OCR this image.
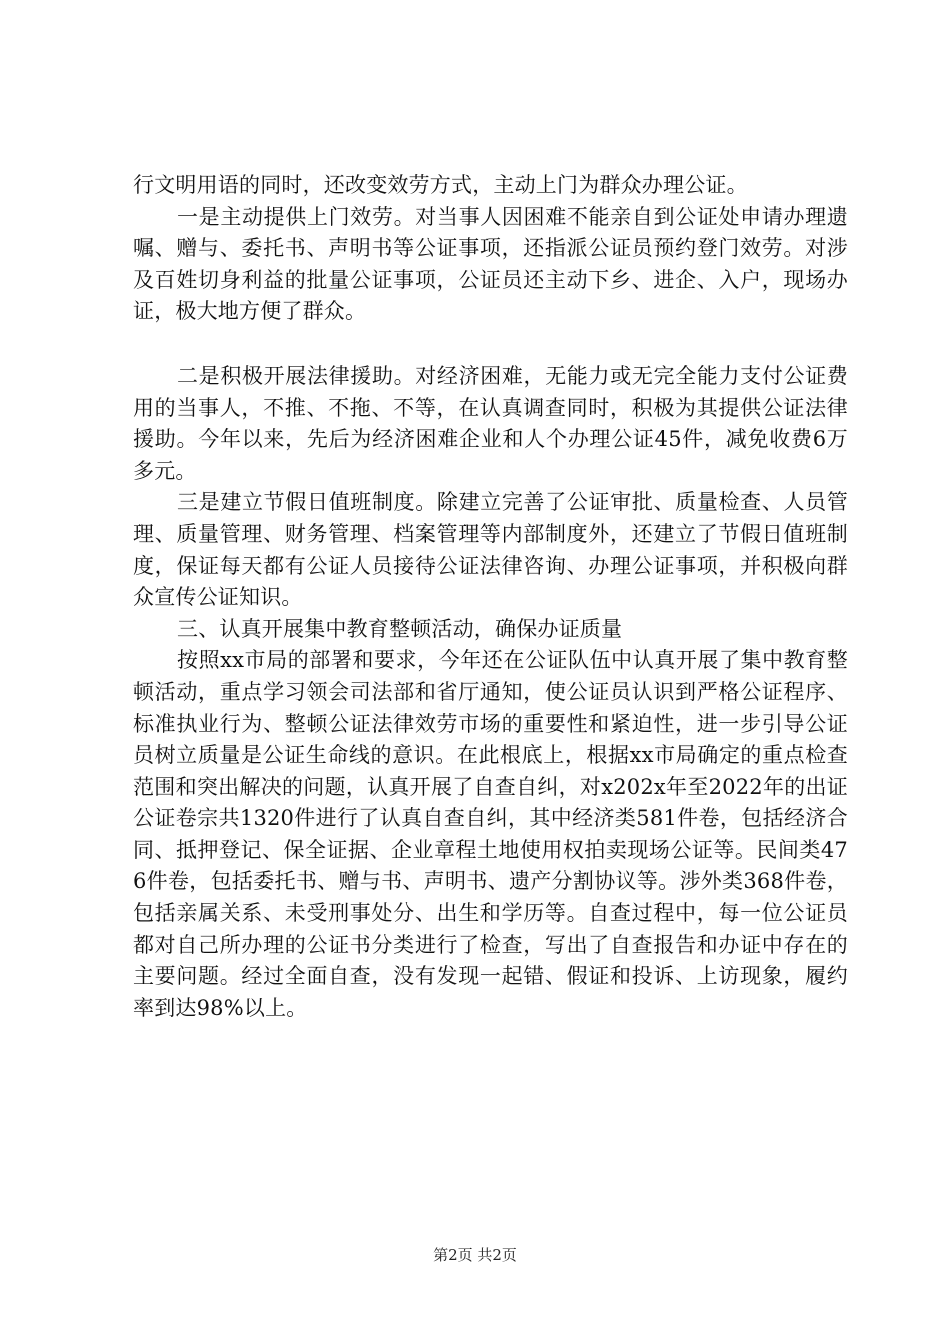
行文明用语的同时，还改变效劳方式，主动上门为群众办理公证。

一是主动提供上门效劳。对当事人因困难不能亲自到公证处申请办理遗嘱、赠与、委托书、声明书等公证事项，还指派公证员预约登门效劳。对涉及百姓切身利益的批量公证事项，公证员还主动下乡、进企、入户，现场办证，极大地方便了群众。

二是积极开展法律援助。对经济困难，无能力或无完全能力支付公证费用的当事人，不推、不拖、不等，在认真调查同时，积极为其提供公证法律援助。今年以来，先后为经济困难企业和人个办理公证45件，减免收费6万多元。

三是建立节假日值班制度。除建立完善了公证审批、质量检查、人员管理、质量管理、财务管理、档案管理等内部制度外，还建立了节假日值班制度，保证每天都有公证人员接待公证法律咨询、办理公证事项，并积极向群众宣传公证知识。

三、认真开展集中教育整顿活动，确保办证质量

按照xx市局的部署和要求，今年还在公证队伍中认真开展了集中教育整顿活动，重点学习领会司法部和省厅通知，使公证员认识到严格公证程序、标准执业行为、整顿公证法律效劳市场的重要性和紧迫性，进一步引导公证员树立质量是公证生命线的意识。在此根底上，根据xx市局确定的重点检查范围和突出解决的问题，认真开展了自查自纠，对x202x年至2022年的出证公证卷宗共1320件进行了认真自查自纠，其中经济类581件卷，包括经济合同、抵押登记、保全证据、企业章程土地使用权拍卖现场公证等。民间类476件卷，包括委托书、赠与书、声明书、遗产分割协议等。涉外类368件卷，包括亲属关系、未受刑事处分、出生和学历等。自查过程中，每一位公证员都对自己所办理的公证书分类进行了检查，写出了自查报告和办证中存在的主要问题。经过全面自查，没有发现一起错、假证和投诉、上访现象，履约率到达98%以上。

第2页 共2页
